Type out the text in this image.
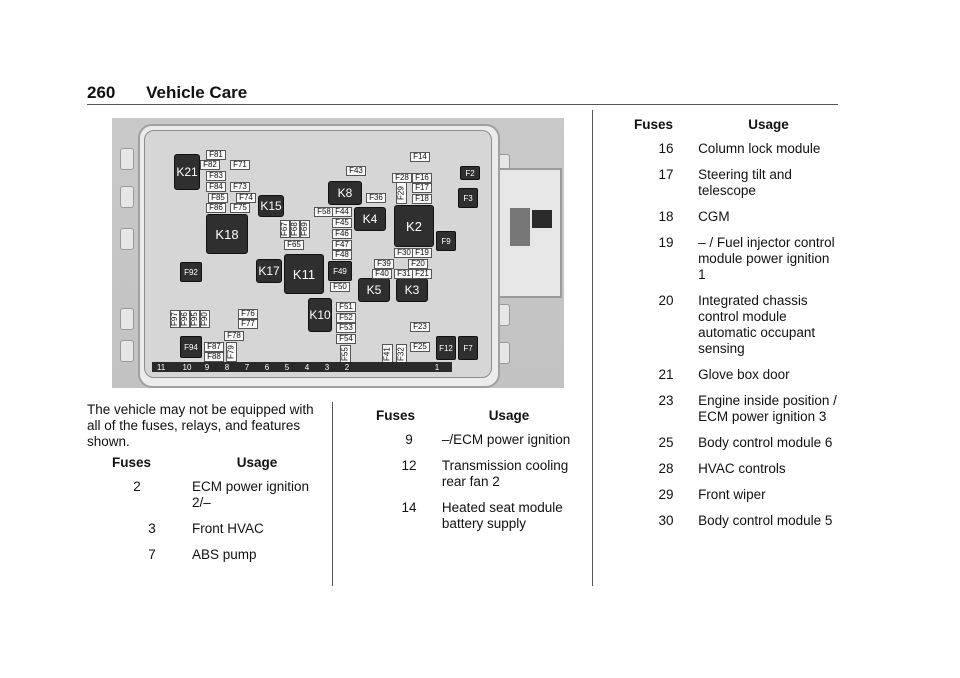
260 Vehicle Care
K21
K15
K18
K17	K11
K10
K8
K4	K2
K5	K3
F81
F82	F71
F83
F84	F73
F85	F74
F86	F75
F43
F14
F2
F3
F28 F16
F29	F17
F18
F36
F58 F44
F45
F46
F47
F48
F65
F67 F68 F69
F9
F30 F19
F20
F39
F40	F31 F21
F92	F49
F50
F51
F52
F53
F54
F55
F97 F96 F95 F90	F76
F77
F78
F23
F94	F87
F88 F79	F41 F32
F25	F12	F7
11	10	9	8	7	6	5	4	3	2	1
The vehicle may not be equipped with all of the fuses, relays, and features shown.
Fuses	Usage
2	ECM power ignition 2/–
3	Front HVAC
7	ABS pump
Fuses	Usage
9	–/ECM power ignition
12	Transmission cooling rear fan 2
14	Heated seat module battery supply
Fuses	Usage
16	Column lock module
17	Steering tilt and telescope
18	CGM
19	– / Fuel injector control module power ignition 1
20	Integrated chassis control module automatic occupant sensing
21	Glove box door
23	Engine inside position / ECM power ignition 3
25	Body control module 6
28	HVAC controls
29	Front wiper
30	Body control module 5
